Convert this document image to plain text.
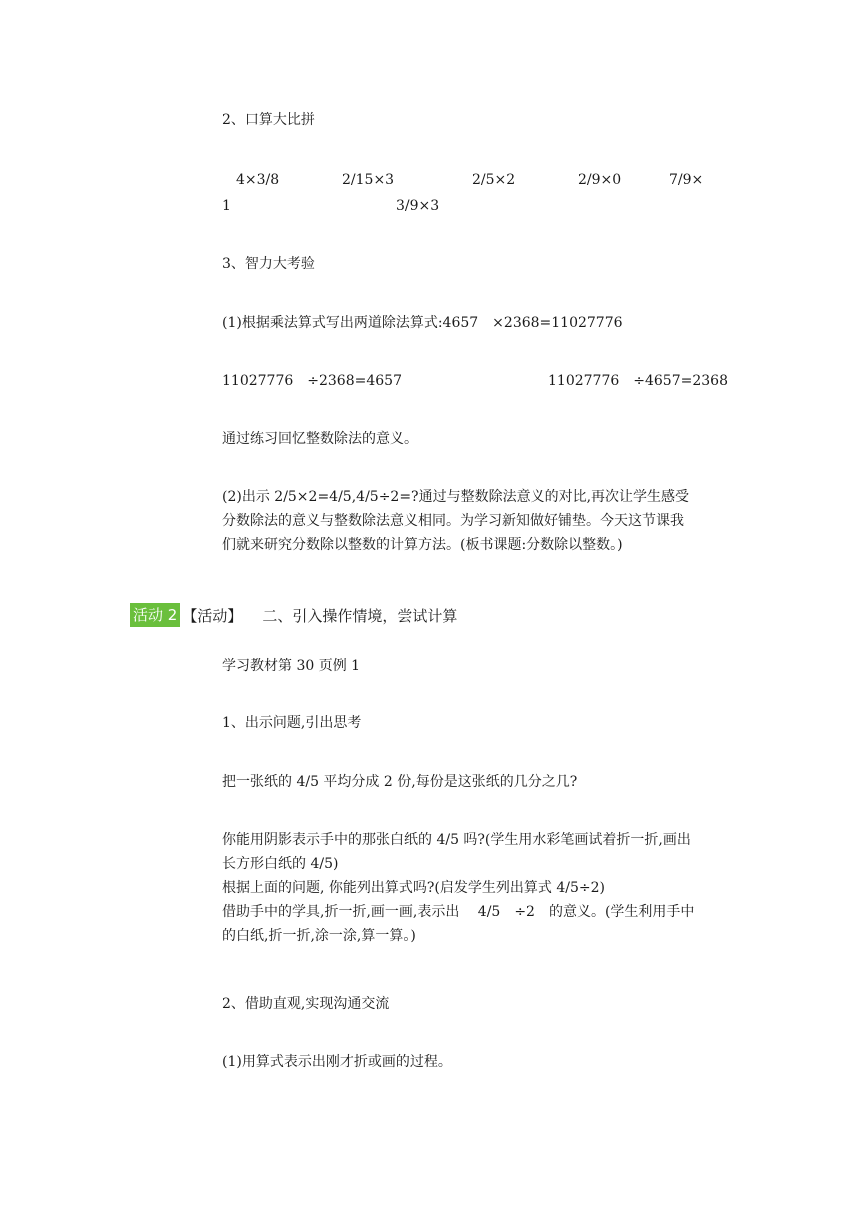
2、口算大比拼
4×3/8	2/15×3	2/5×2	2/9×0	7/9×
1	3/9×3
3、智力大考验
(1)根据乘法算式写出两道除法算式:4657　×2368=11027776
11027776　÷2368=4657	11027776　÷4657=2368
通过练习回忆整数除法的意义。
(2)出示 2/5×2=4/5,4/5÷2=?通过与整数除法意义的对比,再次让学生感受
分数除法的意义与整数除法意义相同。为学习新知做好铺垫。今天这节课我
们就来研究分数除以整数的计算方法。(板书课题:分数除以整数。)
活动 2 【活动】 二、引入操作情境，尝试计算
学习教材第 30 页例 1
1、出示问题,引出思考
把一张纸的 4/5 平均分成 2 份,每份是这张纸的几分之几?
你能用阴影表示手中的那张白纸的 4/5 吗?(学生用水彩笔画试着折一折,画出
长方形白纸的 4/5)
根据上面的问题, 你能列出算式吗?(启发学生列出算式 4/5÷2)
借助手中的学具,折一折,画一画,表示出　 4/5　÷2　的意义。(学生利用手中
的白纸,折一折,涂一涂,算一算。)
2、借助直观,实现沟通交流
(1)用算式表示出刚才折或画的过程。
